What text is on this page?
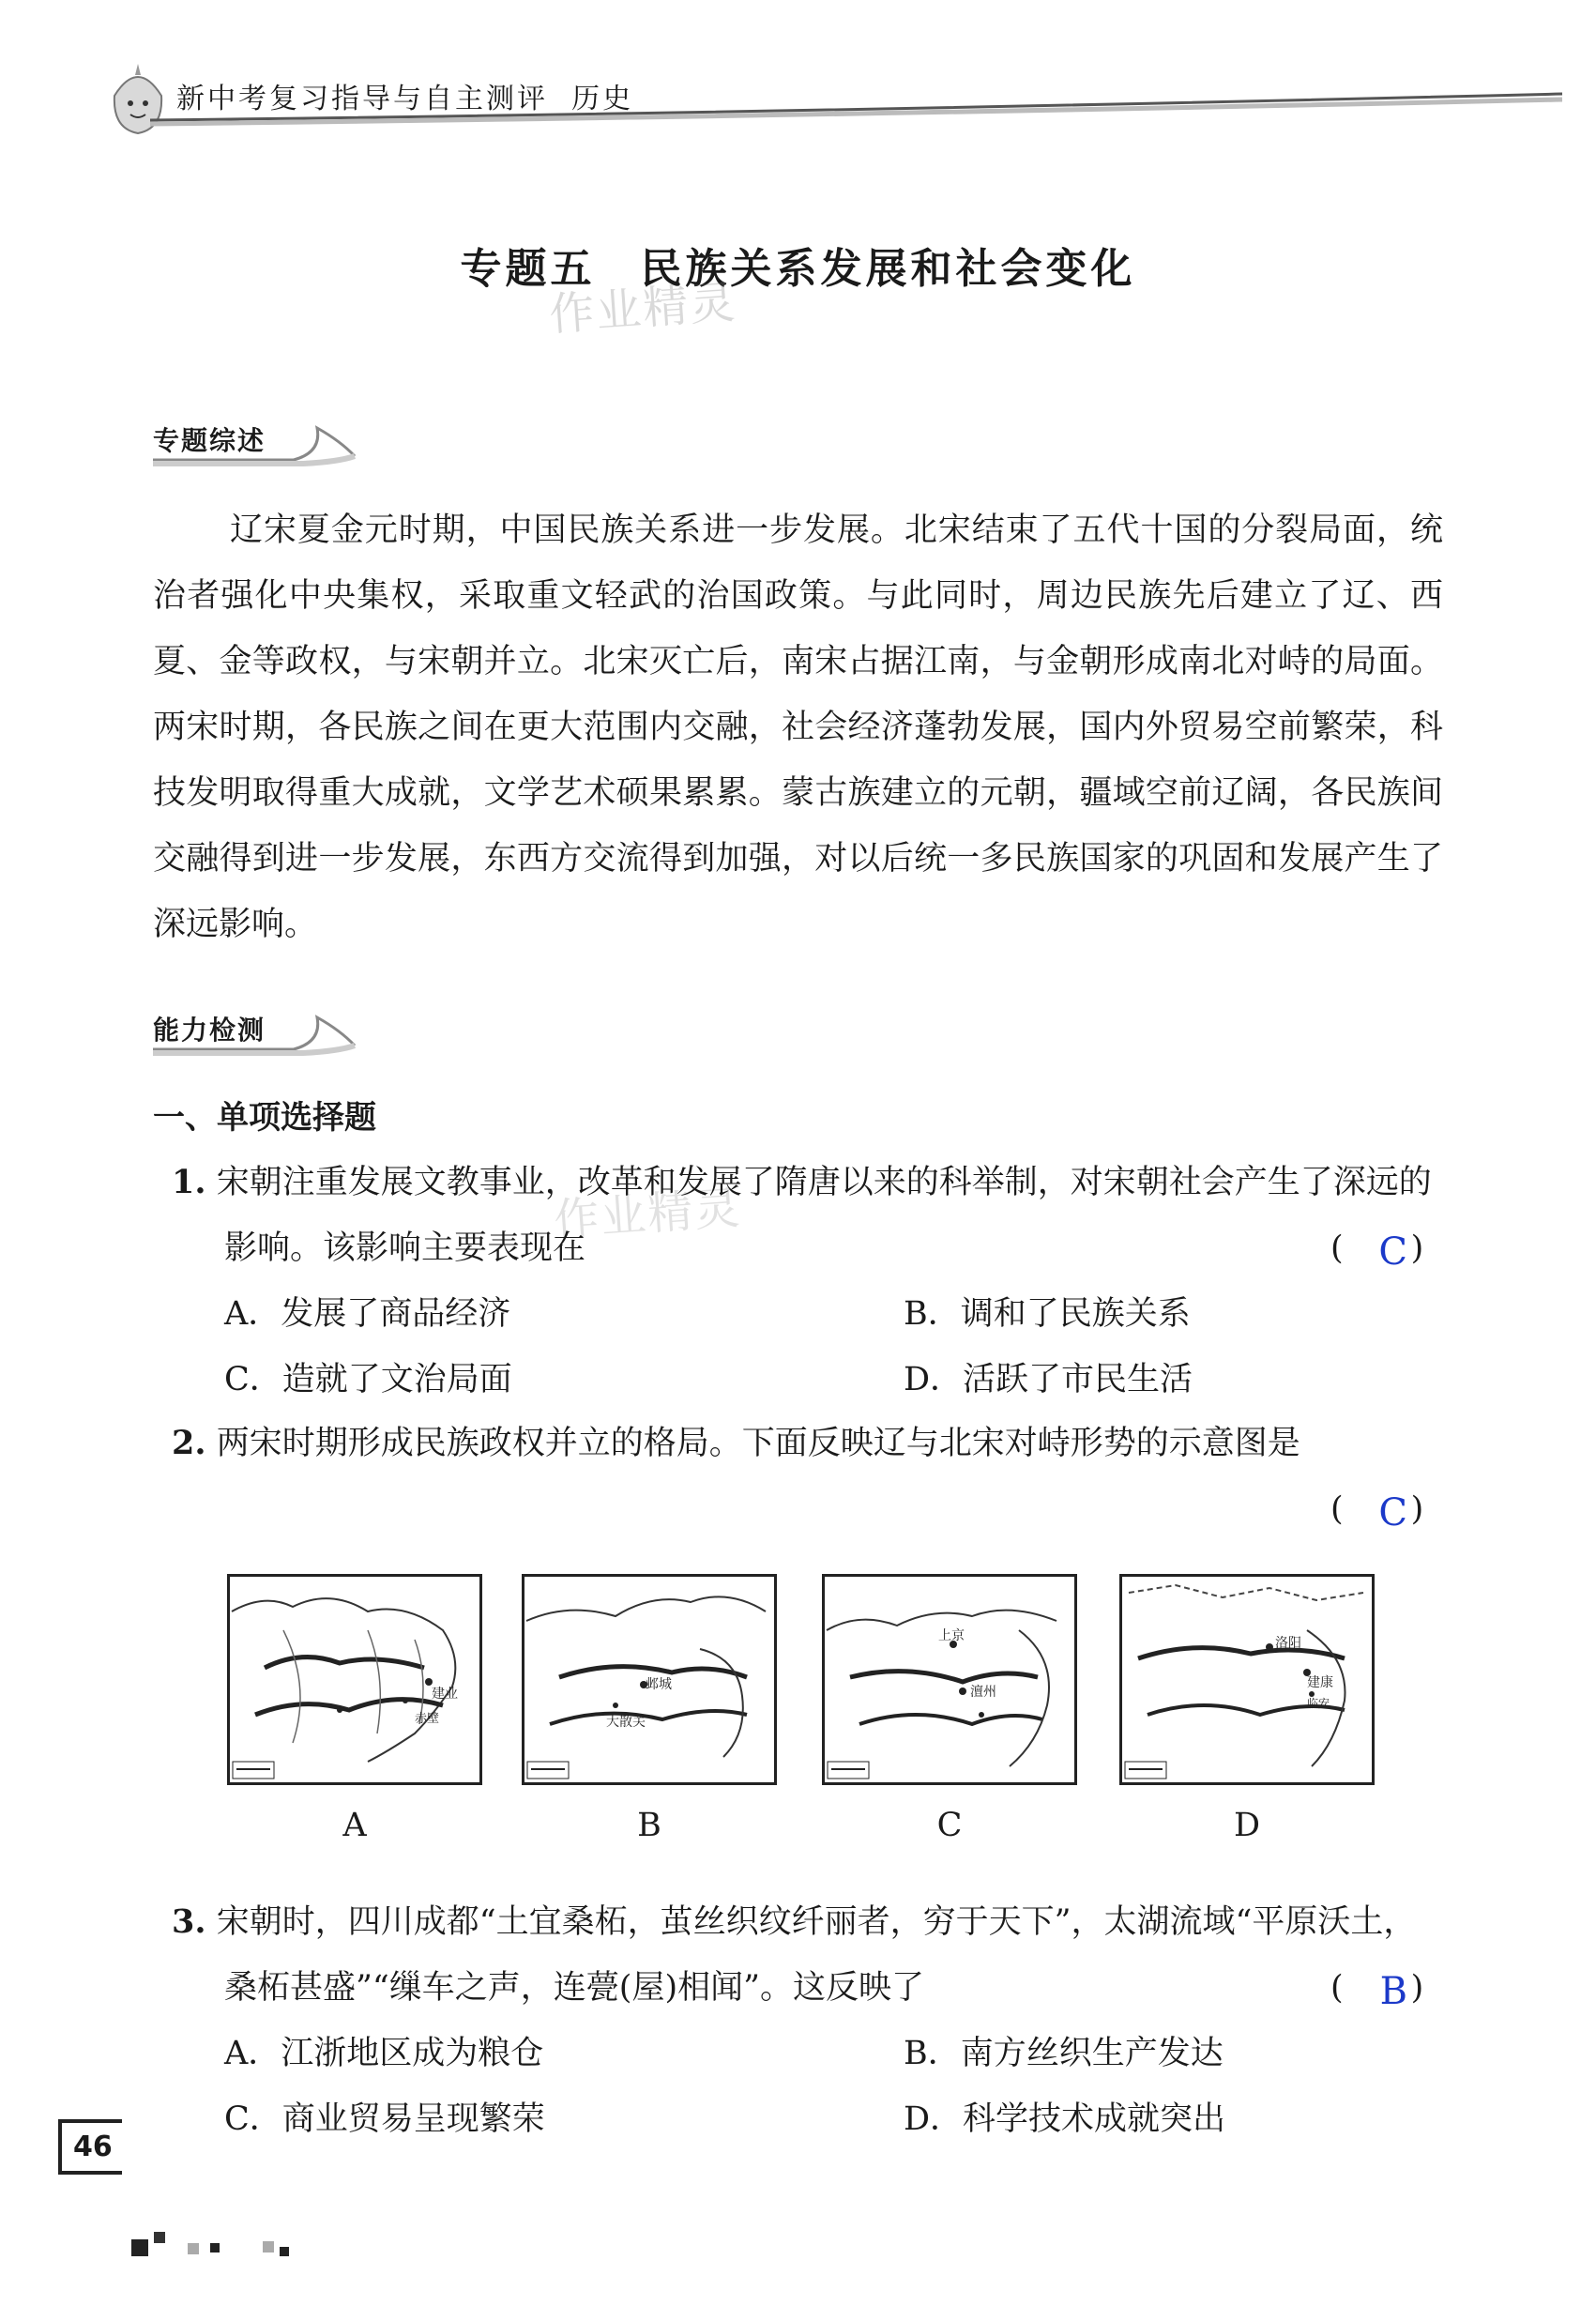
新中考复习指导与自主测评 历史
专题五　民族关系发展和社会变化
作业精灵
作业精灵
专题综述
辽宋夏金元时期，中国民族关系进一步发展。北宋结束了五代十国的分裂局面，统治者强化中央集权，采取重文轻武的治国政策。与此同时，周边民族先后建立了辽、西夏、金等政权，与宋朝并立。北宋灭亡后，南宋占据江南，与金朝形成南北对峙的局面。两宋时期，各民族之间在更大范围内交融，社会经济蓬勃发展，国内外贸易空前繁荣，科技发明取得重大成就，文学艺术硕果累累。蒙古族建立的元朝，疆域空前辽阔，各民族间交融得到进一步发展，东西方交流得到加强，对以后统一多民族国家的巩固和发展产生了深远影响。
能力检测
一、单项选择题
1. 宋朝注重发展文教事业，改革和发展了隋唐以来的科举制，对宋朝社会产生了深远的影响。该影响主要表现在	( )
C
A．发展了商品经济	B．调和了民族关系
C．造就了文治局面	D．活跃了市民生活
2. 两宋时期形成民族政权并立的格局。下面反映辽与北宋对峙形势的示意图是
( )
C
建业
赤壁
邺城
大散关
上京
澶州
洛阳
建康
临安
A	B	C	D
3. 宋朝时，四川成都“土宜桑柘，茧丝织纹纤丽者，穷于天下”，太湖流域“平原沃土，桑柘甚盛”“缫车之声，连甍(屋)相闻”。这反映了	( )
B
A．江浙地区成为粮仓	B．南方丝织生产发达
C．商业贸易呈现繁荣	D．科学技术成就突出
46
